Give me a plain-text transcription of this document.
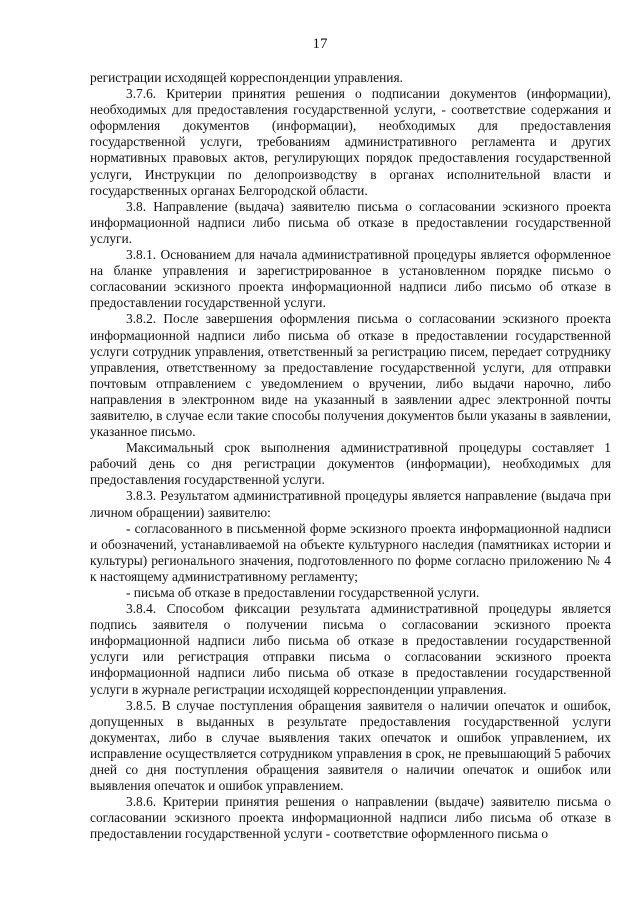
17

регистрации исходящей корреспонденции управления.

3.7.6. Критерии принятия решения о подписании документов (информации), необходимых для предоставления государственной услуги, - соответствие содержания и оформления документов (информации), необходимых для предоставления государственной услуги, требованиям административного регламента и других нормативных правовых актов, регулирующих порядок предоставления государственной услуги, Инструкции по делопроизводству в органах исполнительной власти и государственных органах Белгородской области.

3.8. Направление (выдача) заявителю письма о согласовании эскизного проекта информационной надписи либо письма об отказе в предоставлении государственной услуги.

3.8.1. Основанием для начала административной процедуры является оформленное на бланке управления и зарегистрированное в установленном порядке письмо о согласовании эскизного проекта информационной надписи либо письмо об отказе в предоставлении государственной услуги.

3.8.2. После завершения оформления письма о согласовании эскизного проекта информационной надписи либо письма об отказе в предоставлении государственной услуги сотрудник управления, ответственный за регистрацию писем, передает сотруднику управления, ответственному за предоставление государственной услуги, для отправки почтовым отправлением с уведомлением о вручении, либо выдачи нарочно, либо направления в электронном виде на указанный в заявлении адрес электронной почты заявителю, в случае если такие способы получения документов были указаны в заявлении, указанное письмо.

Максимальный срок выполнения административной процедуры составляет 1 рабочий день со дня регистрации документов (информации), необходимых для предоставления государственной услуги.

3.8.3. Результатом административной процедуры является направление (выдача при личном обращении) заявителю:

- согласованного в письменной форме эскизного проекта информационной надписи и обозначений, устанавливаемой на объекте культурного наследия (памятниках истории и культуры) регионального значения, подготовленного по форме согласно приложению № 4 к настоящему административному регламенту;

- письма об отказе в предоставлении государственной услуги.

3.8.4. Способом фиксации результата административной процедуры является подпись заявителя о получении письма о согласовании эскизного проекта информационной надписи либо письма об отказе в предоставлении государственной услуги или регистрация отправки письма о согласовании эскизного проекта информационной надписи либо письма об отказе в предоставлении государственной услуги в журнале регистрации исходящей корреспонденции управления.

3.8.5. В случае поступления обращения заявителя о наличии опечаток и ошибок, допущенных в выданных в результате предоставления государственной услуги документах, либо в случае выявления таких опечаток и ошибок управлением, их исправление осуществляется сотрудником управления в срок, не превышающий 5 рабочих дней со дня поступления обращения заявителя о наличии опечаток и ошибок или выявления опечаток и ошибок управлением.

3.8.6. Критерии принятия решения о направлении (выдаче) заявителю письма о согласовании эскизного проекта информационной надписи либо письма об отказе в предоставлении государственной услуги - соответствие оформленного письма о
